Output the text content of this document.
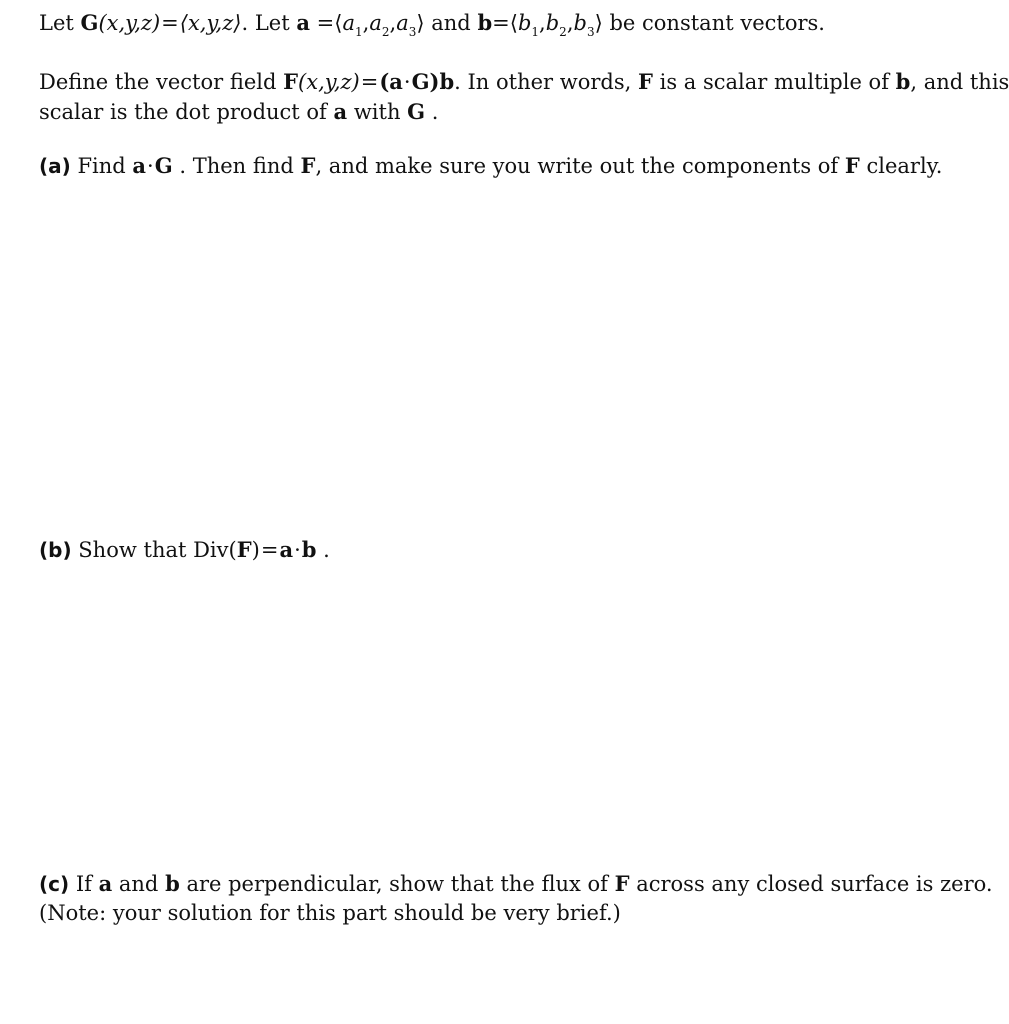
Let G(x,y,z)=⟨x,y,z⟩. Let $a =⟨a_1,a_2,a_3⟩$ and $b=⟨b_1,b_2,b_3⟩$ be constant vectors.
Define the vector field F(x,y,z)=(a·G)b. In other words, F is a scalar multiple of b, and this
scalar is the dot product of a with G .
(a) Find a·G . Then find F, and make sure you write out the components of F clearly.
(b) Show that Div(F)=a·b .
(c) If a and b are perpendicular, show that the flux of F across any closed surface is zero.
(Note: your solution for this part should be very brief.)
